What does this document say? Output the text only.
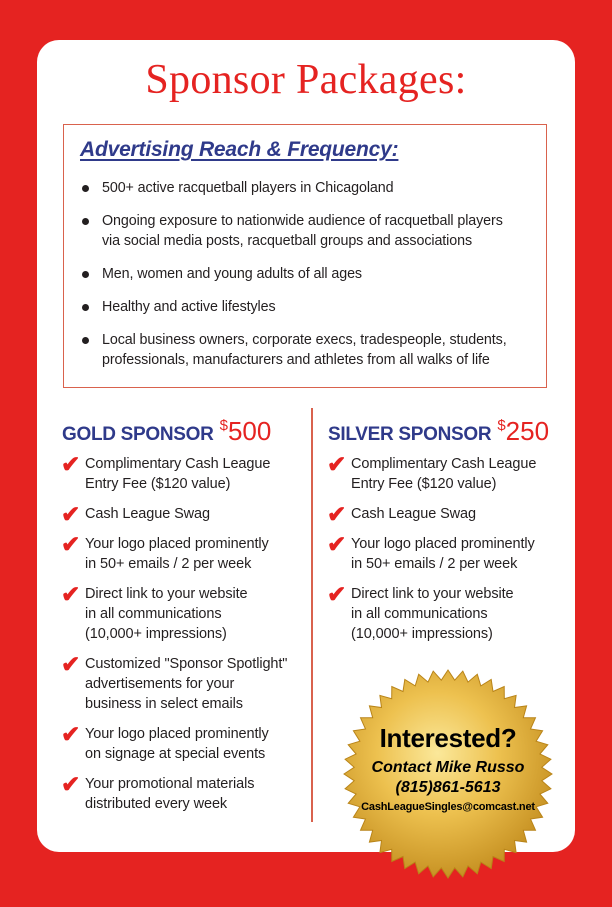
Sponsor Packages:
Advertising Reach & Frequency:
500+ active racquetball players in Chicagoland
Ongoing exposure to nationwide audience of racquetball players
via social media posts, racquetball groups and associations
Men, women and young adults of all ages
Healthy and active lifestyles
Local business owners, corporate execs, tradespeople, students,
professionals, manufacturers and athletes from all walks of life
GOLD SPONSOR $500
✔ Complimentary Cash League
Entry Fee ($120 value)
✔ Cash League Swag
✔ Your logo placed prominently
in 50+ emails / 2 per week
✔ Direct link to your website
in all communications
(10,000+ impressions)
✔ Customized "Sponsor Spotlight"
advertisements for your
business in select emails
✔ Your logo placed prominently
on signage at special events
✔ Your promotional materials
distributed every week
SILVER SPONSOR $250
✔ Complimentary Cash League
Entry Fee ($120 value)
✔ Cash League Swag
✔ Your logo placed prominently
in 50+ emails / 2 per week
✔ Direct link to your website
in all communications
(10,000+ impressions)
Interested?
Contact Mike Russo
(815)861-5613
CashLeagueSingles@comcast.net
